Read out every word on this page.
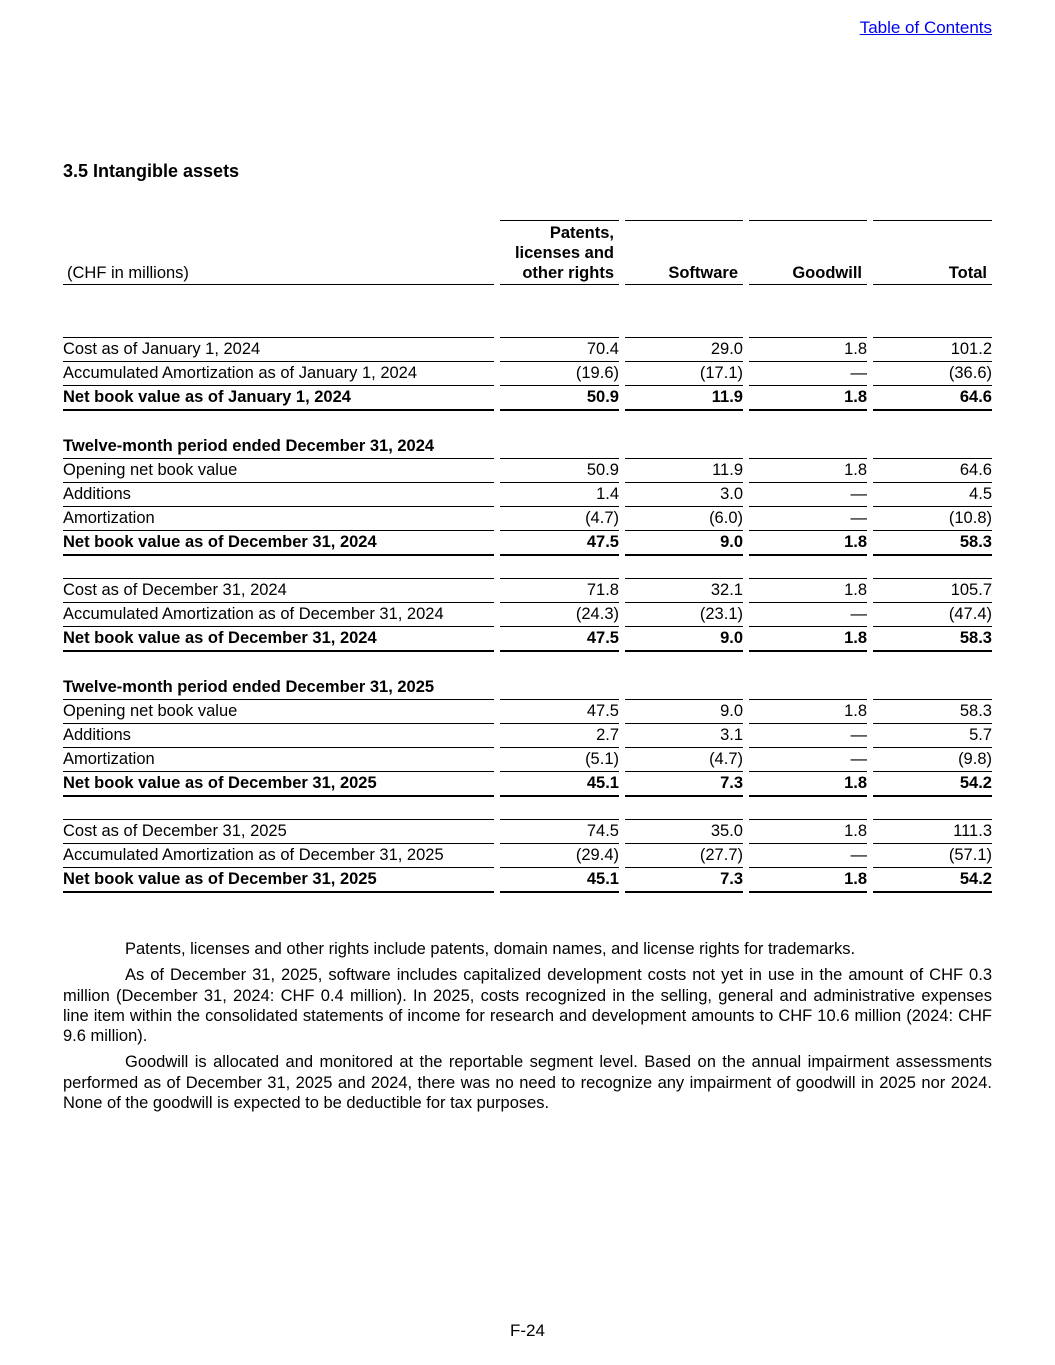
Table of Contents
3.5 Intangible assets
(CHF in millions)		Patents,
licenses and
other rights		Software		Goodwill		Total

Cost as of January 1, 2024		70.4		29.0		1.8		101.2
Accumulated Amortization as of January 1, 2024		(19.6)		(17.1)		—		(36.6)
Net book value as of January 1, 2024		50.9		11.9		1.8		64.6

Twelve-month period ended December 31, 2024								
Opening net book value		50.9		11.9		1.8		64.6
Additions		1.4		3.0		—		4.5
Amortization		(4.7)		(6.0)		—		(10.8)
Net book value as of December 31, 2024		47.5		9.0		1.8		58.3

Cost as of December 31, 2024		71.8		32.1		1.8		105.7
Accumulated Amortization as of December 31, 2024		(24.3)		(23.1)		—		(47.4)
Net book value as of December 31, 2024		47.5		9.0		1.8		58.3

Twelve-month period ended December 31, 2025								
Opening net book value		47.5		9.0		1.8		58.3
Additions		2.7		3.1		—		5.7
Amortization		(5.1)		(4.7)		—		(9.8)
Net book value as of December 31, 2025		45.1		7.3		1.8		54.2

Cost as of December 31, 2025		74.5		35.0		1.8		111.3
Accumulated Amortization as of December 31, 2025		(29.4)		(27.7)		—		(57.1)
Net book value as of December 31, 2025		45.1		7.3		1.8		54.2

Patents, licenses and other rights include patents, domain names, and license rights for trademarks.

As of December 31, 2025, software includes capitalized development costs not yet in use in the amount of CHF 0.3 million (December 31, 2024: CHF 0.4 million). In 2025, costs recognized in the selling, general and administrative expenses line item within the consolidated statements of income for research and development amounts to CHF 10.6 million (2024: CHF 9.6 million).

Goodwill is allocated and monitored at the reportable segment level. Based on the annual impairment assessments performed as of December 31, 2025 and 2024, there was no need to recognize any impairment of goodwill in 2025 nor 2024. None of the goodwill is expected to be deductible for tax purposes.

F-24
